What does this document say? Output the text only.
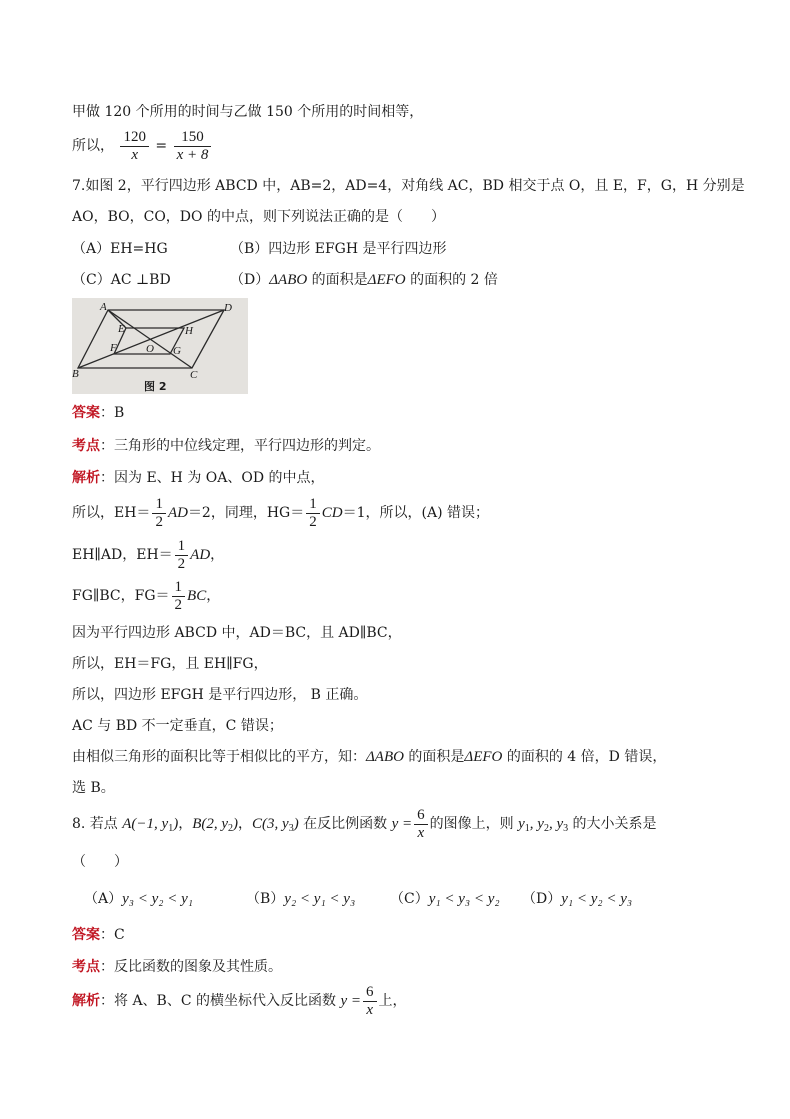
甲做 120 个所用的时间与乙做 150 个所用的时间相等，
所以， $\frac{120}{x} = \frac{150}{x + 8}$
7.如图 2，平行四边形 ABCD 中，AB=2，AD=4，对角线 AC，BD 相交于点 O，且 E，F，G，H 分别是
AO，BO，CO，DO 的中点，则下列说法正确的是（　　）
（A）EH=HG	（B）四边形 EFGH 是平行四边形
（C）AC ⊥BD	（D）ΔABO 的面积是ΔEFO 的面积的 2 倍
A	D
B	C
E
F	G
H
O
图 2
答案：B
考点：三角形的中位线定理，平行四边形的判定。
解析：因为 E、H 为 OA、OD 的中点，
所以，$EH= \frac{1}{2} AD=2$，同理，$HG= \frac{1}{2} CD=1$，所以，(A) 错误；
EH∥AD，$EH= \frac{1}{2}$ AD，
FG∥BC，$FG= \frac{1}{2}$ BC，
因为平行四边形 ABCD 中，AD＝BC，且 AD∥BC，
所以，EH＝FG，且 EH∥FG，
所以，四边形 EFGH 是平行四边形， B 正确。
AC 与 BD 不一定垂直，C 错误；
由相似三角形的面积比等于相似比的平方，知：ΔABO 的面积是ΔEFO 的面积的 4 倍，D 错误，
选 B。
8. 若点 A(−1, $y_1$)，B(2, $y_2$)，C(3, $y_3$) 在反比例函数 $y = \frac{6}{x}$ 的图像上，则 $y_1$, $y_2$, $y_3$ 的大小关系是
（　　）
（A）y₃ < y₂ < y₁	（B）y₂ < y₁ < y₃ （C）y₁ < y₃ < y₂ （D）y₁ < y₂ < y₃
答案：C
考点：反比函数的图象及其性质。
解析：将 A、B、C 的横坐标代入反比函数 $y = \frac{6}{x}$ 上，
